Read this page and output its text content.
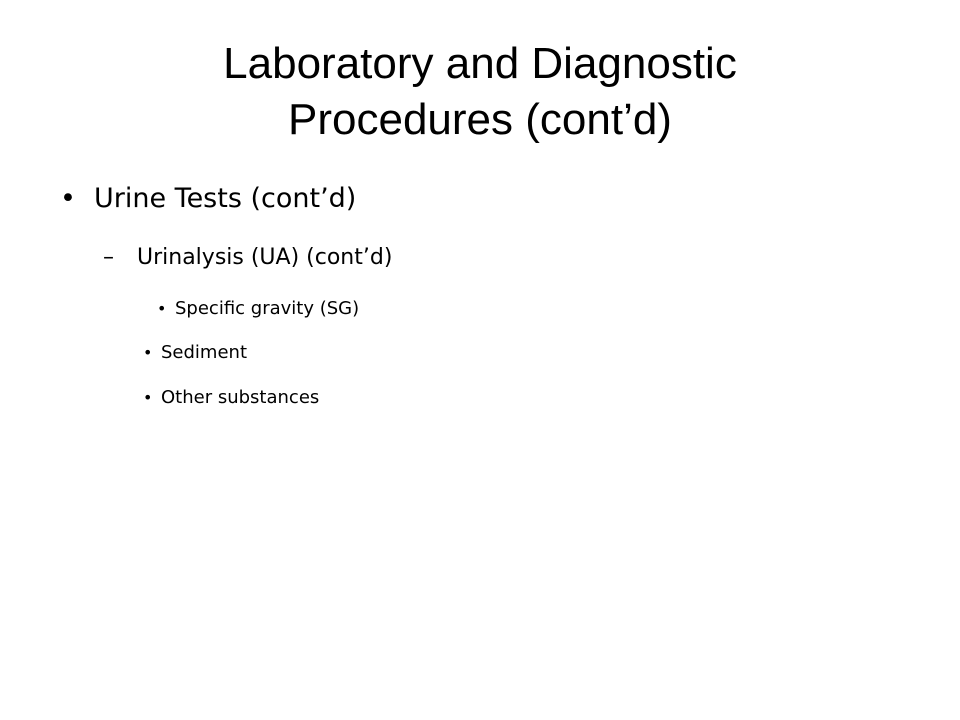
Laboratory and Diagnostic
Procedures (cont’d)
• Urine Tests (cont’d)
– Urinalysis (UA) (cont’d)
• Specific gravity (SG)
• Sediment
• Other substances
